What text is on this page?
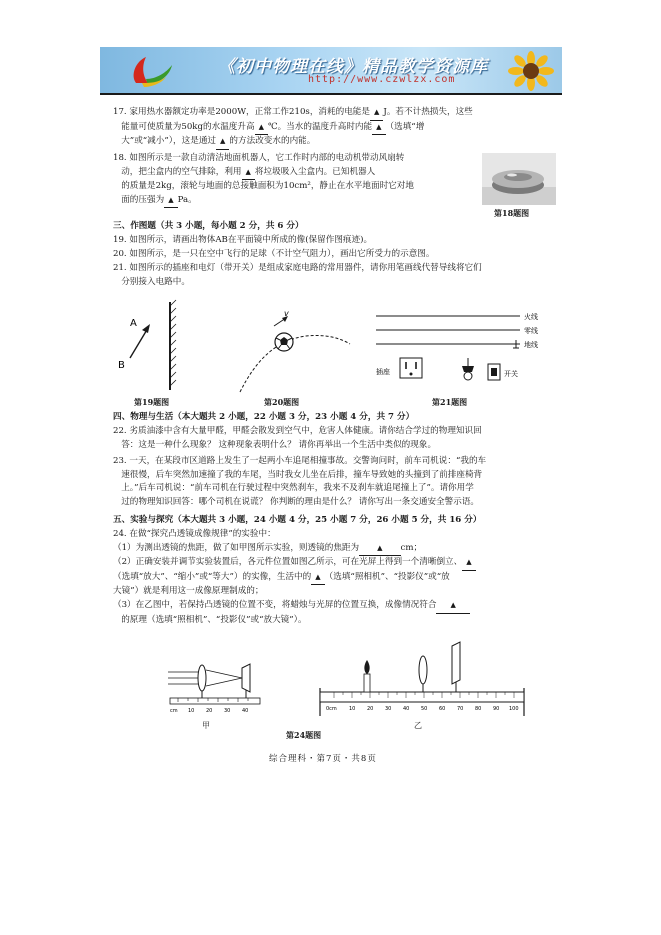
《初中物理在线》精品教学资源库
http://www.czwlzx.com

17. 家用热水器额定功率是2000W，正常工作210s，消耗的电能是 ▲ J。若不计热损失，这些

能量可使质量为50kg的水温度升高 ▲ ℃。当水的温度升高时内能 ▲ （选填“增

大”或“减小”），这是通过 ▲ 的方法改变水的内能。

18. 如图所示是一款自动清洁地面机器人，它工作时内部的电动机带动风扇转

动，把尘盒内的空气排除，利用 ▲ 将垃圾吸入尘盒内。已知机器人

的质量是2kg，滚轮与地面的总接触面积为10cm²，静止在水平地面时它对地

面的压强为 ▲ Pa。

第18题图
三、作图题（共 3 小题，每小题 2 分，共 6 分）

19. 如图所示，请画出物体AB在平面镜中所成的像(保留作图痕迹)。

20. 如图所示，是一只在空中飞行的足球（不计空气阻力），画出它所受力的示意图。

21. 如图所示的插座和电灯（带开关）是组成家庭电路的常用器件，请你用笔画线代替导线将它们

分别接入电路中。

A
B
第19题图
v
第20题图
火线
零线
地线
插座	开关
第21题图
四、物理与生活（本大题共 2 小题，22 小题 3 分，23 小题 4 分，共 7 分）

22. 劣质油漆中含有大量甲醛，甲醛会散发到空气中，危害人体健康。请你结合学过的物理知识回

答：这是一种什么现象？ 这种现象表明什么？ 请你再举出一个生活中类似的现象。

23. 一天，在某段市区道路上发生了一起两小车追尾相撞事故。交警询问时，前车司机说：“我的车

速很慢，后车突然加速撞了我的车尾，当时我女儿坐在后排，撞车导致她的头撞到了前排座椅背

上。”后车司机说：“前车司机在行驶过程中突然刹车，我来不及刹车就追尾撞上了”。请你用学

过的物理知识回答：哪个司机在说谎？ 你判断的理由是什么？ 请你写出一条交通安全警示语。

五、实验与探究（本大题共 3 小题，24 小题 4 分，25 小题 7 分，26 小题 5 分，共 16 分）

24. 在做“探究凸透镜成像规律”的实验中：

（1）为测出透镜的焦距，做了如甲图所示实验，则透镜的焦距为	▲ cm；

（2）正确安装并调节实验装置后，各元件位置如图乙所示，可在光屏上得到一个清晰倒立、 ▲

（选填“放大”、“缩小”或“等大”）的实像，生活中的 ▲ （选填“照相机”、“投影仪”或“放

大镜”）就是利用这一成像原理制成的；

（3）在乙图中，若保持凸透镜的位置不变，将蜡烛与光屏的位置互换，成像情况符合 ▲

的原理（选填“照相机”、“投影仪”或“放大镜”）。

cm 10 20 30 40
甲
0cm 10 20 30 40 50 60 70 80 90 100
乙
第24题图
综合理科・第7页・共8页
